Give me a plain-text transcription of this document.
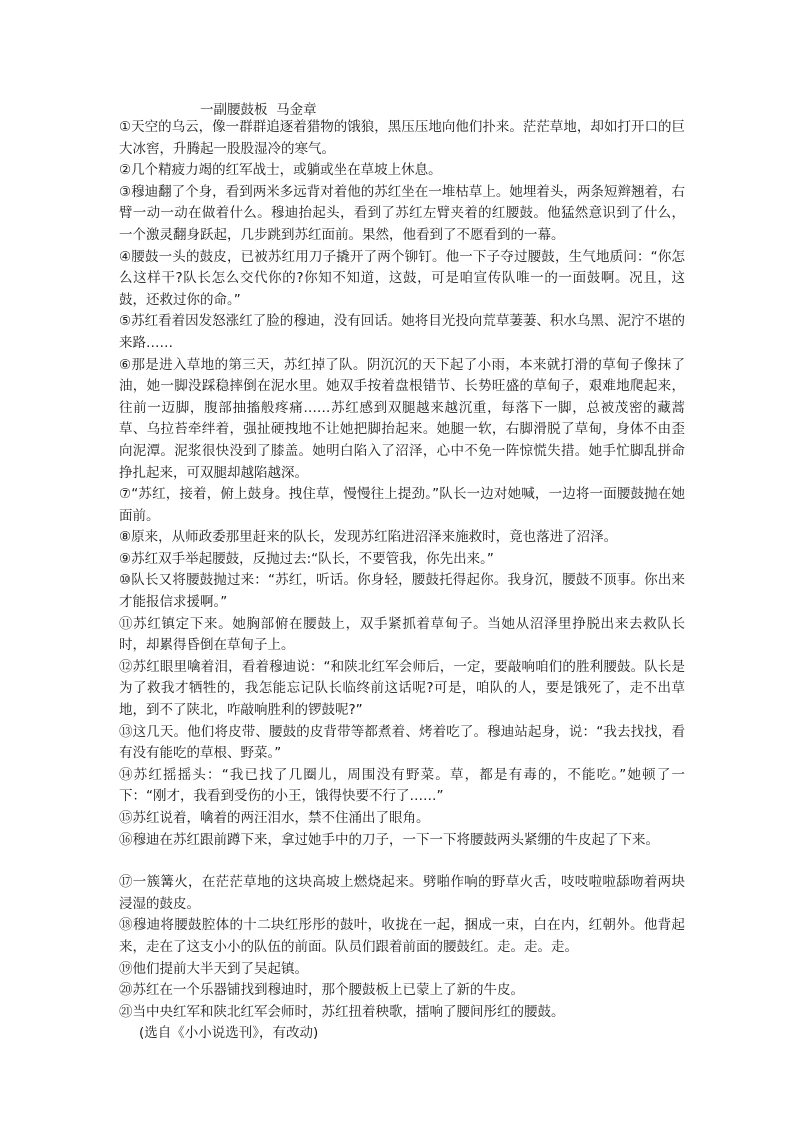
一副腰鼓板  马金章

①天空的乌云，像一群群追逐着猎物的饿狼，黑压压地向他们扑来。茫茫草地，却如打开口的巨大冰窖，升腾起一股股湿冷的寒气。

②几个精疲力竭的红军战士，或躺或坐在草坡上休息。

③穆迪翻了个身，看到两米多远背对着他的苏红坐在一堆枯草上。她埋着头，两条短辫翘着，右臂一动一动在做着什么。穆迪抬起头，看到了苏红左臂夹着的红腰鼓。他猛然意识到了什么，一个激灵翻身跃起，几步跳到苏红面前。果然，他看到了不愿看到的一幕。

④腰鼓一头的鼓皮，已被苏红用刀子撬开了两个铆钉。他一下子夺过腰鼓，生气地质问：“你怎么这样干?队长怎么交代你的?你知不知道，这鼓，可是咱宣传队唯一的一面鼓啊。况且，这鼓，还救过你的命。”

⑤苏红看着因发怒涨红了脸的穆迪，没有回话。她将目光投向荒草萋萋、积水乌黑、泥泞不堪的来路……

⑥那是进入草地的第三天，苏红掉了队。阴沉沉的天下起了小雨，本来就打滑的草甸子像抹了油，她一脚没踩稳摔倒在泥水里。她双手按着盘根错节、长势旺盛的草甸子，艰难地爬起来，往前一迈脚，腹部抽搐般疼痛……苏红感到双腿越来越沉重，每落下一脚，总被茂密的藏蒿草、乌拉苔牵绊着，强扯硬拽地不让她把脚抬起来。她腿一软，右脚滑脱了草甸，身体不由歪向泥潭。泥浆很快没到了膝盖。她明白陷入了沼泽，心中不免一阵惊慌失措。她手忙脚乱拼命挣扎起来，可双腿却越陷越深。

⑦“苏红，接着，俯上鼓身。拽住草，慢慢往上提劲。”队长一边对她喊，一边将一面腰鼓抛在她面前。

⑧原来，从师政委那里赶来的队长，发现苏红陷进沼泽来施救时，竟也落进了沼泽。

⑨苏红双手举起腰鼓，反抛过去:“队长，不要管我，你先出来。”

⑩队长又将腰鼓抛过来：“苏红，听话。你身轻，腰鼓托得起你。我身沉，腰鼓不顶事。你出来才能报信求援啊。”

⑪苏红镇定下来。她胸部俯在腰鼓上，双手紧抓着草甸子。当她从沼泽里挣脱出来去救队长时，却累得昏倒在草甸子上。

⑫苏红眼里噙着泪，看着穆迪说：“和陕北红军会师后，一定，要敲响咱们的胜利腰鼓。队长是为了救我才牺牲的，我怎能忘记队长临终前这话呢?可是，咱队的人，要是饿死了，走不出草地，到不了陕北，咋敲响胜利的锣鼓呢?”

⑬这几天。他们将皮带、腰鼓的皮背带等都煮着、烤着吃了。穆迪站起身，说：“我去找找，看有没有能吃的草根、野菜。”

⑭苏红摇摇头：“我已找了几圈儿，周围没有野菜。草，都是有毒的，不能吃。”她顿了一下：“刚才，我看到受伤的小王，饿得快要不行了……”

⑮苏红说着，噙着的两汪泪水，禁不住涌出了眼角。

⑯穆迪在苏红跟前蹲下来，拿过她手中的刀子，一下一下将腰鼓两头紧绷的牛皮起了下来。

⑰一簇篝火，在茫茫草地的这块高坡上燃烧起来。劈啪作响的野草火舌，吱吱啦啦舔吻着两块浸湿的鼓皮。

⑱穆迪将腰鼓腔体的十二块红彤彤的鼓叶，收拢在一起，捆成一束，白在内，红朝外。他背起来，走在了这支小小的队伍的前面。队员们跟着前面的腰鼓红。走。走。走。

⑲他们提前大半天到了吴起镇。

⑳苏红在一个乐器铺找到穆迪时，那个腰鼓板上已蒙上了新的牛皮。

㉑当中央红军和陕北红军会师时，苏红扭着秧歌，擂响了腰间彤红的腰鼓。

(选自《小小说选刊》，有改动)
